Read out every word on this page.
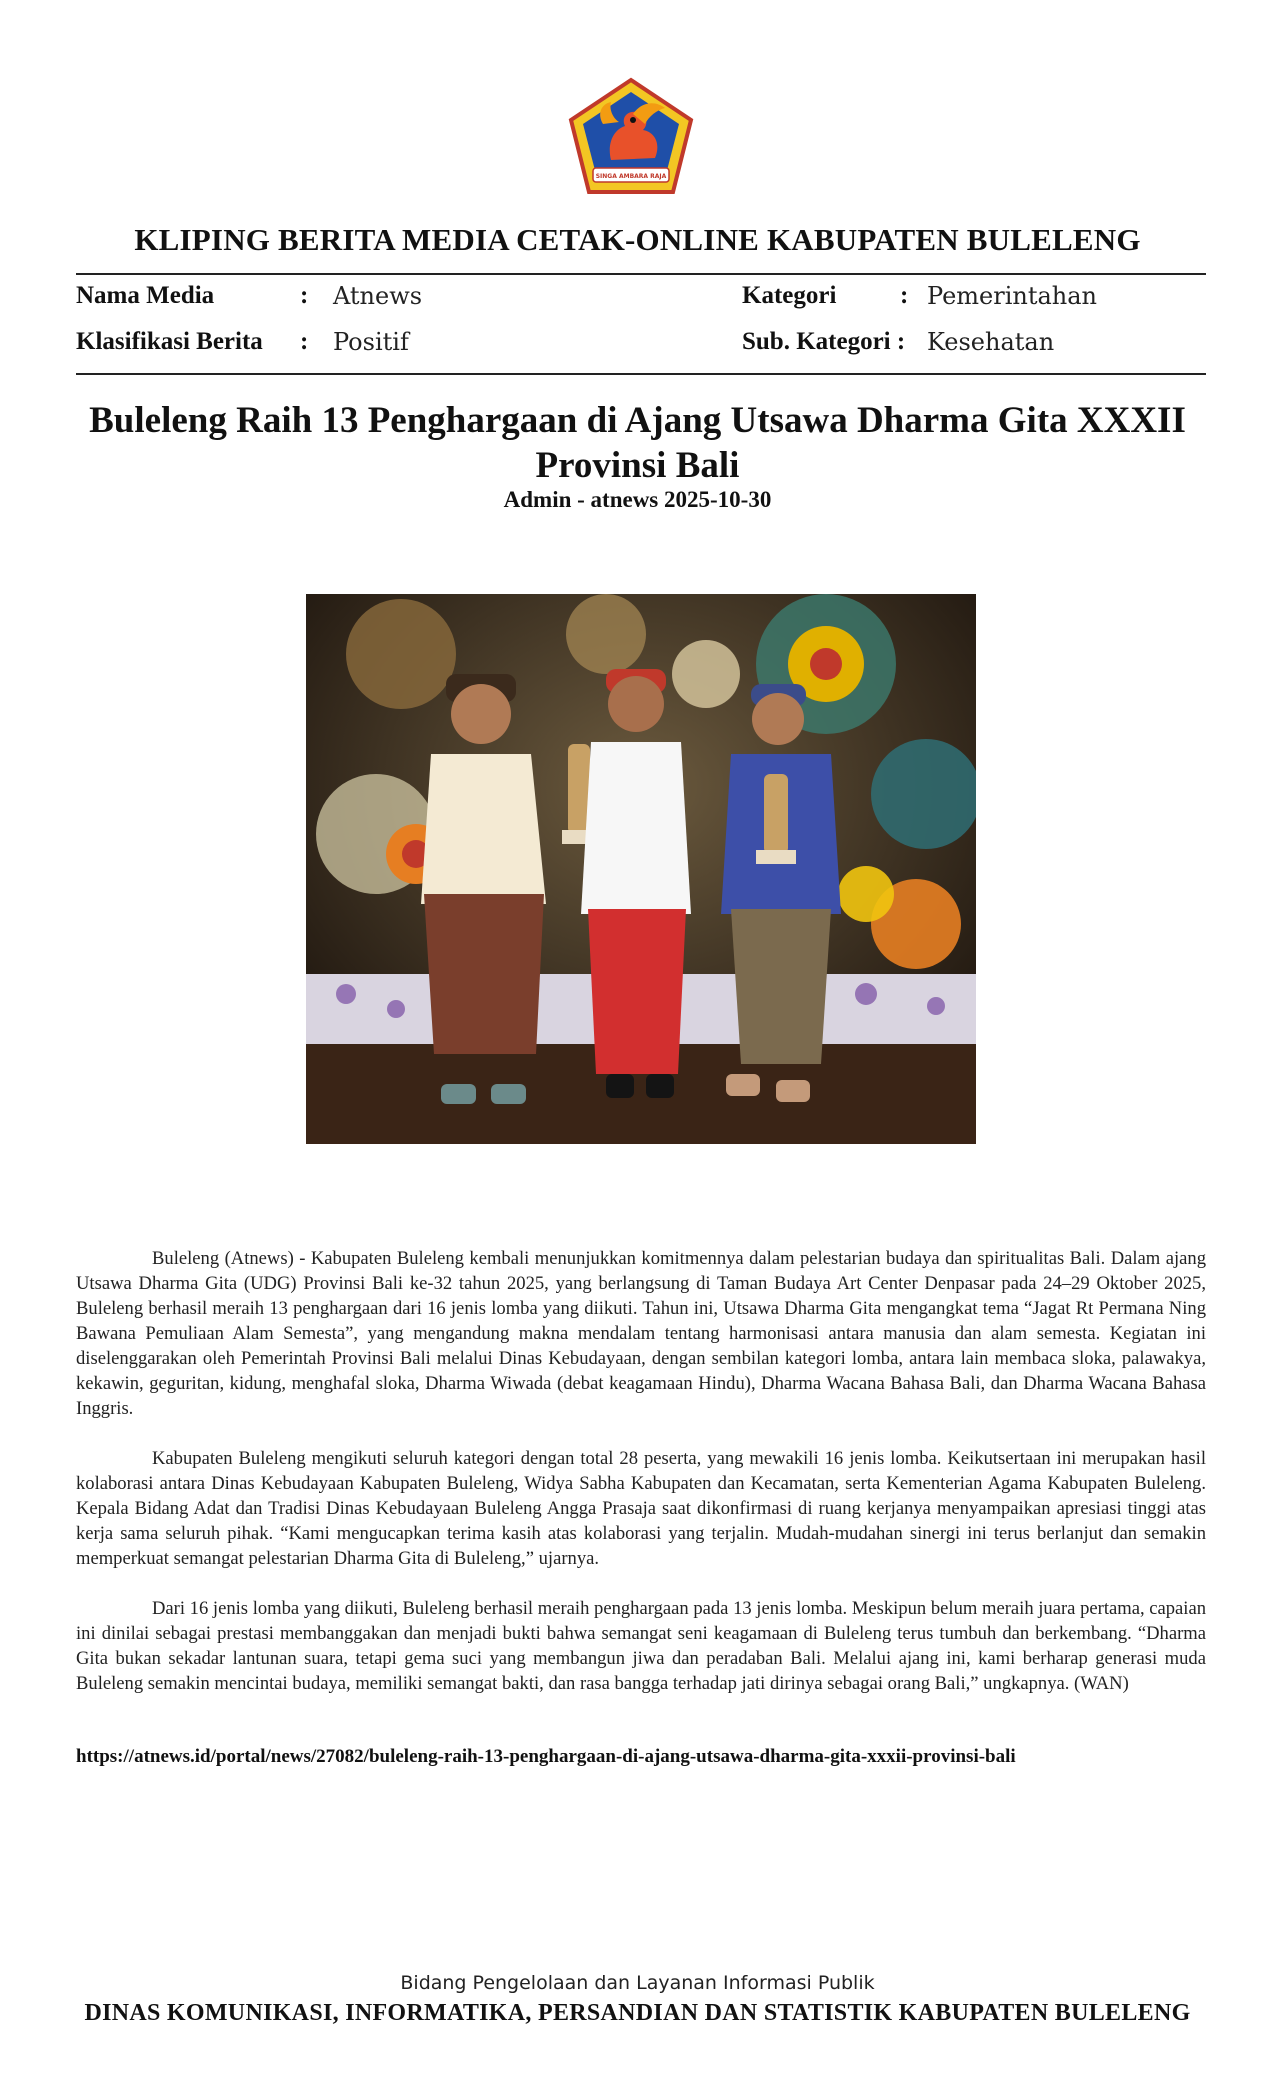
SINGA AMBARA RAJA
KLIPING BERITA MEDIA CETAK-ONLINE KABUPATEN BULELENG
Nama Media	: Atnews	Kategori	: Pemerintahan
Klasifikasi Berita : Positif	Sub. Kategori : Kesehatan
Buleleng Raih 13 Penghargaan di Ajang Utsawa Dharma Gita XXXII Provinsi Bali
Admin - atnews 2025-10-30
Buleleng (Atnews) - Kabupaten Buleleng kembali menunjukkan komitmennya dalam pelestarian budaya dan spiritualitas Bali. Dalam ajang Utsawa Dharma Gita (UDG) Provinsi Bali ke-32 tahun 2025, yang berlangsung di Taman Budaya Art Center Denpasar pada 24–29 Oktober 2025, Buleleng berhasil meraih 13 penghargaan dari 16 jenis lomba yang diikuti. Tahun ini, Utsawa Dharma Gita mengangkat tema “Jagat Rt Permana Ning Bawana Pemuliaan Alam Semesta”, yang mengandung makna mendalam tentang harmonisasi antara manusia dan alam semesta. Kegiatan ini diselenggarakan oleh Pemerintah Provinsi Bali melalui Dinas Kebudayaan, dengan sembilan kategori lomba, antara lain membaca sloka, palawakya, kekawin, geguritan, kidung, menghafal sloka, Dharma Wiwada (debat keagamaan Hindu), Dharma Wacana Bahasa Bali, dan Dharma Wacana Bahasa Inggris.
Kabupaten Buleleng mengikuti seluruh kategori dengan total 28 peserta, yang mewakili 16 jenis lomba. Keikutsertaan ini merupakan hasil kolaborasi antara Dinas Kebudayaan Kabupaten Buleleng, Widya Sabha Kabupaten dan Kecamatan, serta Kementerian Agama Kabupaten Buleleng. Kepala Bidang Adat dan Tradisi Dinas Kebudayaan Buleleng Angga Prasaja saat dikonfirmasi di ruang kerjanya menyampaikan apresiasi tinggi atas kerja sama seluruh pihak. “Kami mengucapkan terima kasih atas kolaborasi yang terjalin. Mudah-mudahan sinergi ini terus berlanjut dan semakin memperkuat semangat pelestarian Dharma Gita di Buleleng,” ujarnya.
Dari 16 jenis lomba yang diikuti, Buleleng berhasil meraih penghargaan pada 13 jenis lomba. Meskipun belum meraih juara pertama, capaian ini dinilai sebagai prestasi membanggakan dan menjadi bukti bahwa semangat seni keagamaan di Buleleng terus tumbuh dan berkembang. “Dharma Gita bukan sekadar lantunan suara, tetapi gema suci yang membangun jiwa dan peradaban Bali. Melalui ajang ini, kami berharap generasi muda Buleleng semakin mencintai budaya, memiliki semangat bakti, dan rasa bangga terhadap jati dirinya sebagai orang Bali,” ungkapnya. (WAN)
https://atnews.id/portal/news/27082/buleleng-raih-13-penghargaan-di-ajang-utsawa-dharma-gita-xxxii-provinsi-bali
Bidang Pengelolaan dan Layanan Informasi Publik
DINAS KOMUNIKASI, INFORMATIKA, PERSANDIAN DAN STATISTIK KABUPATEN BULELENG
